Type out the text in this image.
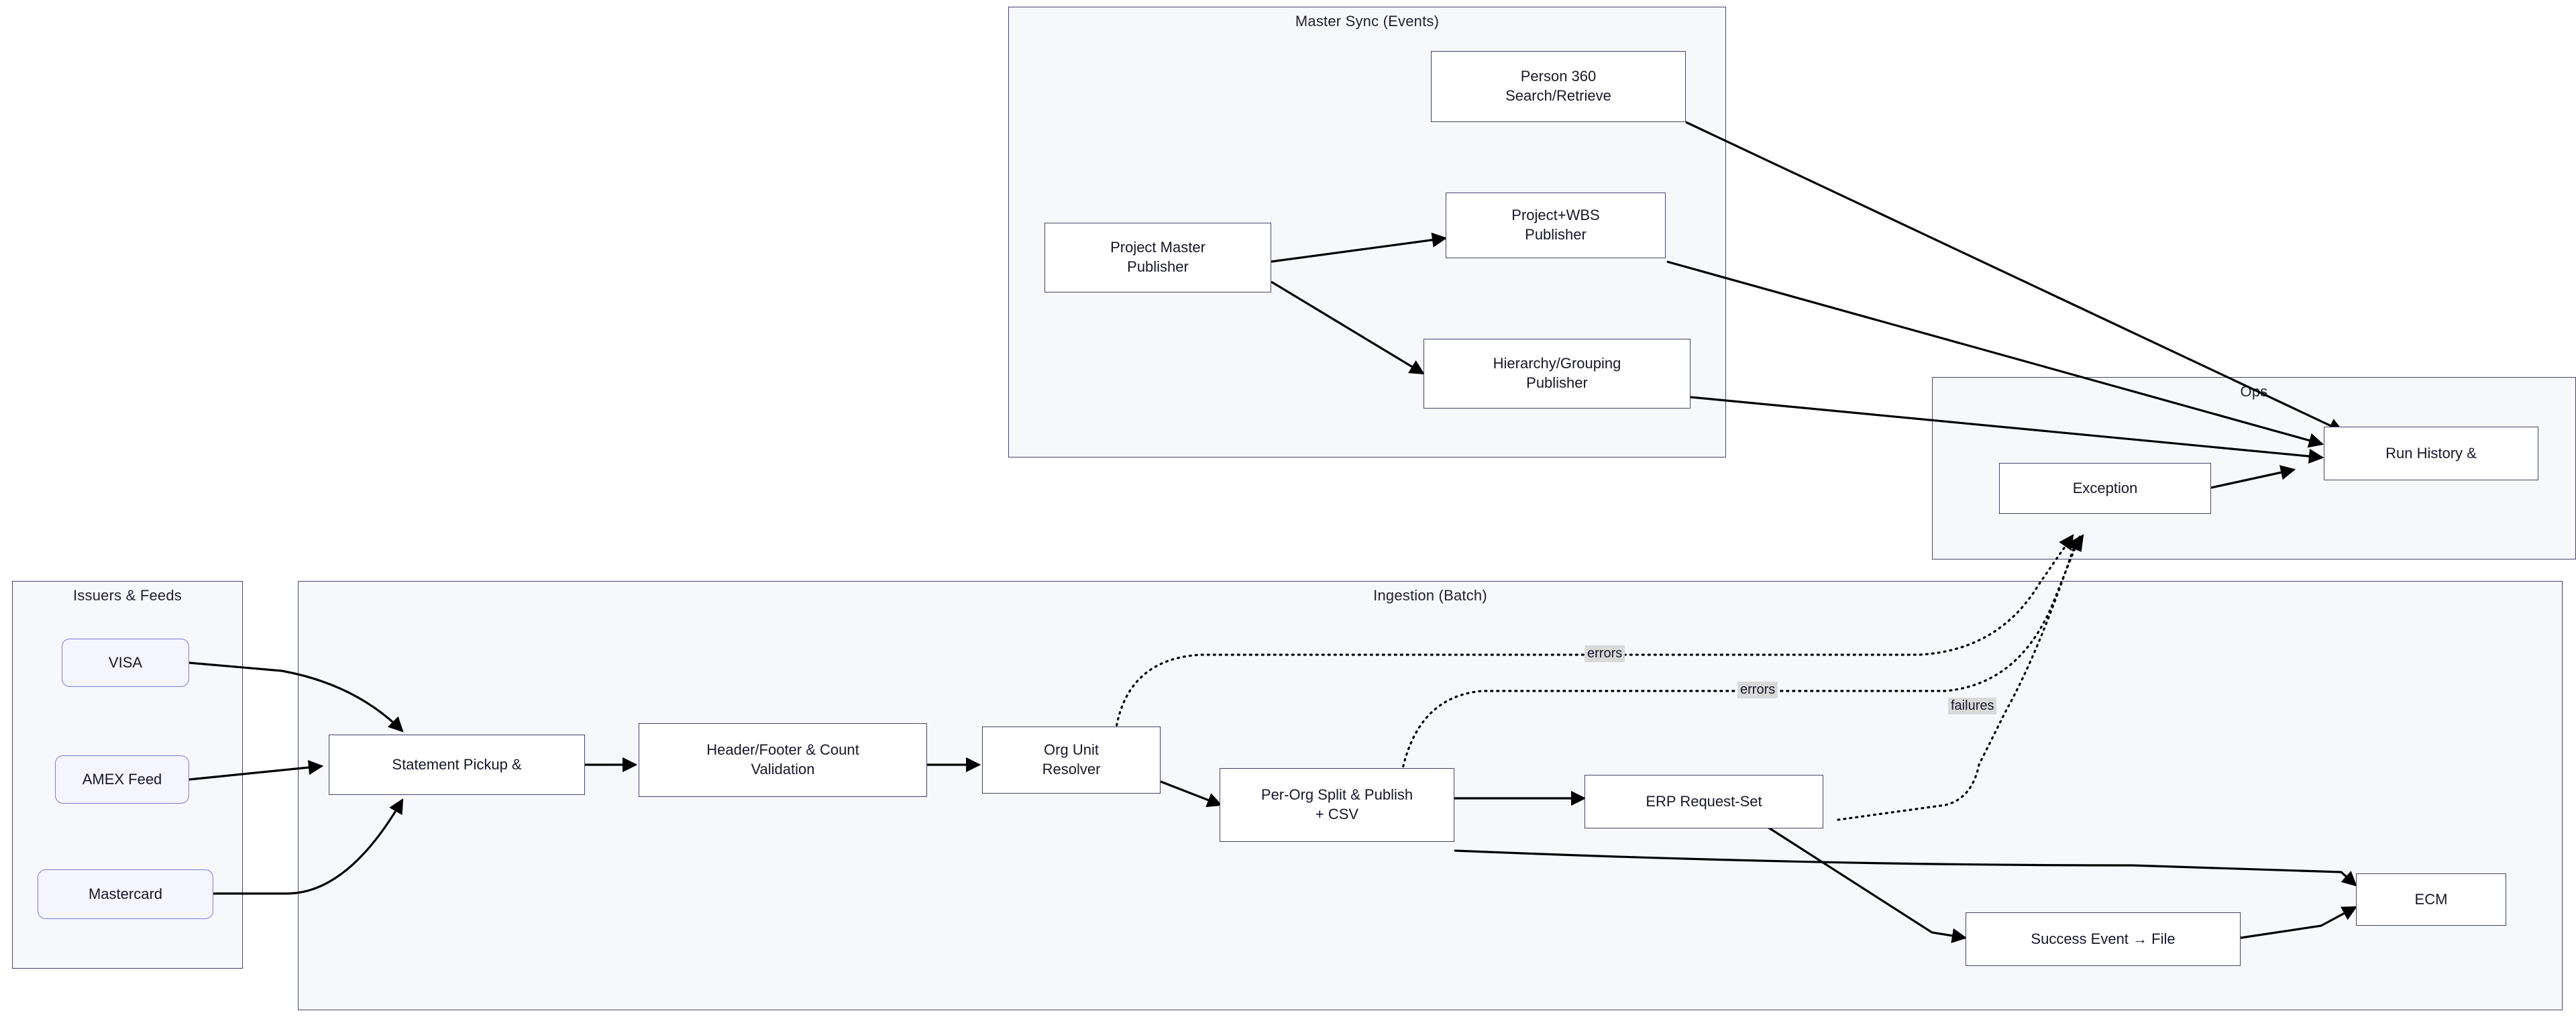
Master Sync (Events)
Ops
Issuers & Feeds	Ingestion (Batch)
Person 360
Search/Retrieve
Project Master
Publisher
Project+WBS
Publisher
Hierarchy/Grouping
Publisher
Run History &
Exception
VISA
AMEX Feed
Mastercard
Statement Pickup &
Header/Footer & Count
Validation
Org Unit
Resolver
Per-Org Split & Publish
+ CSV
ERP Request-Set
Success Event → File
ECM
errors
errors
failures
